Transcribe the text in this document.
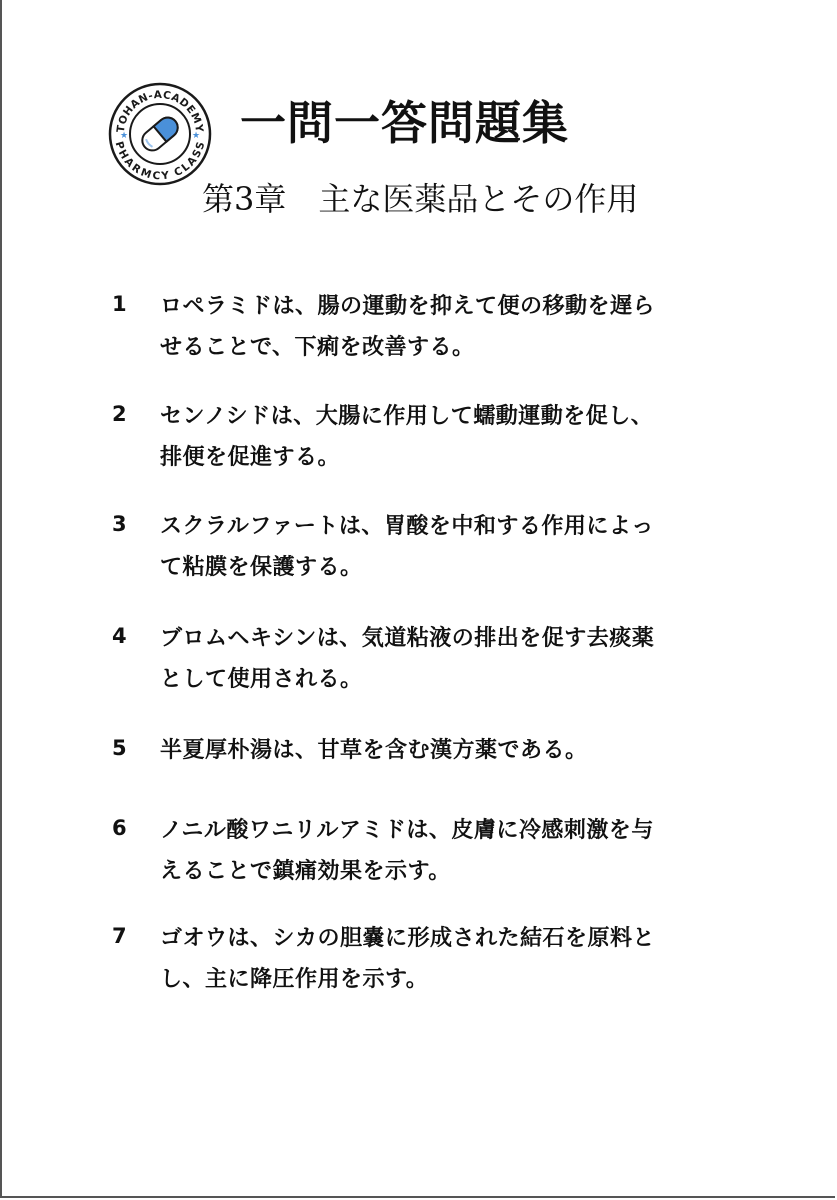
TOHAN-ACADEMY
PHARMCY CLASS
★	★ 一問一答問題集
第3章　主な医薬品とその作用
1	ロペラミドは、腸の運動を抑えて便の移動を遅ら
せることで、下痢を改善する。
2	センノシドは、大腸に作用して蠕動運動を促し、
排便を促進する。
3	スクラルファートは、胃酸を中和する作用によっ
て粘膜を保護する。
4	ブロムヘキシンは、気道粘液の排出を促す去痰薬
として使用される。
5	半夏厚朴湯は、甘草を含む漢方薬である。
6	ノニル酸ワニリルアミドは、皮膚に冷感刺激を与
えることで鎮痛効果を示す。
7	ゴオウは、シカの胆嚢に形成された結石を原料と
し、主に降圧作用を示す。
